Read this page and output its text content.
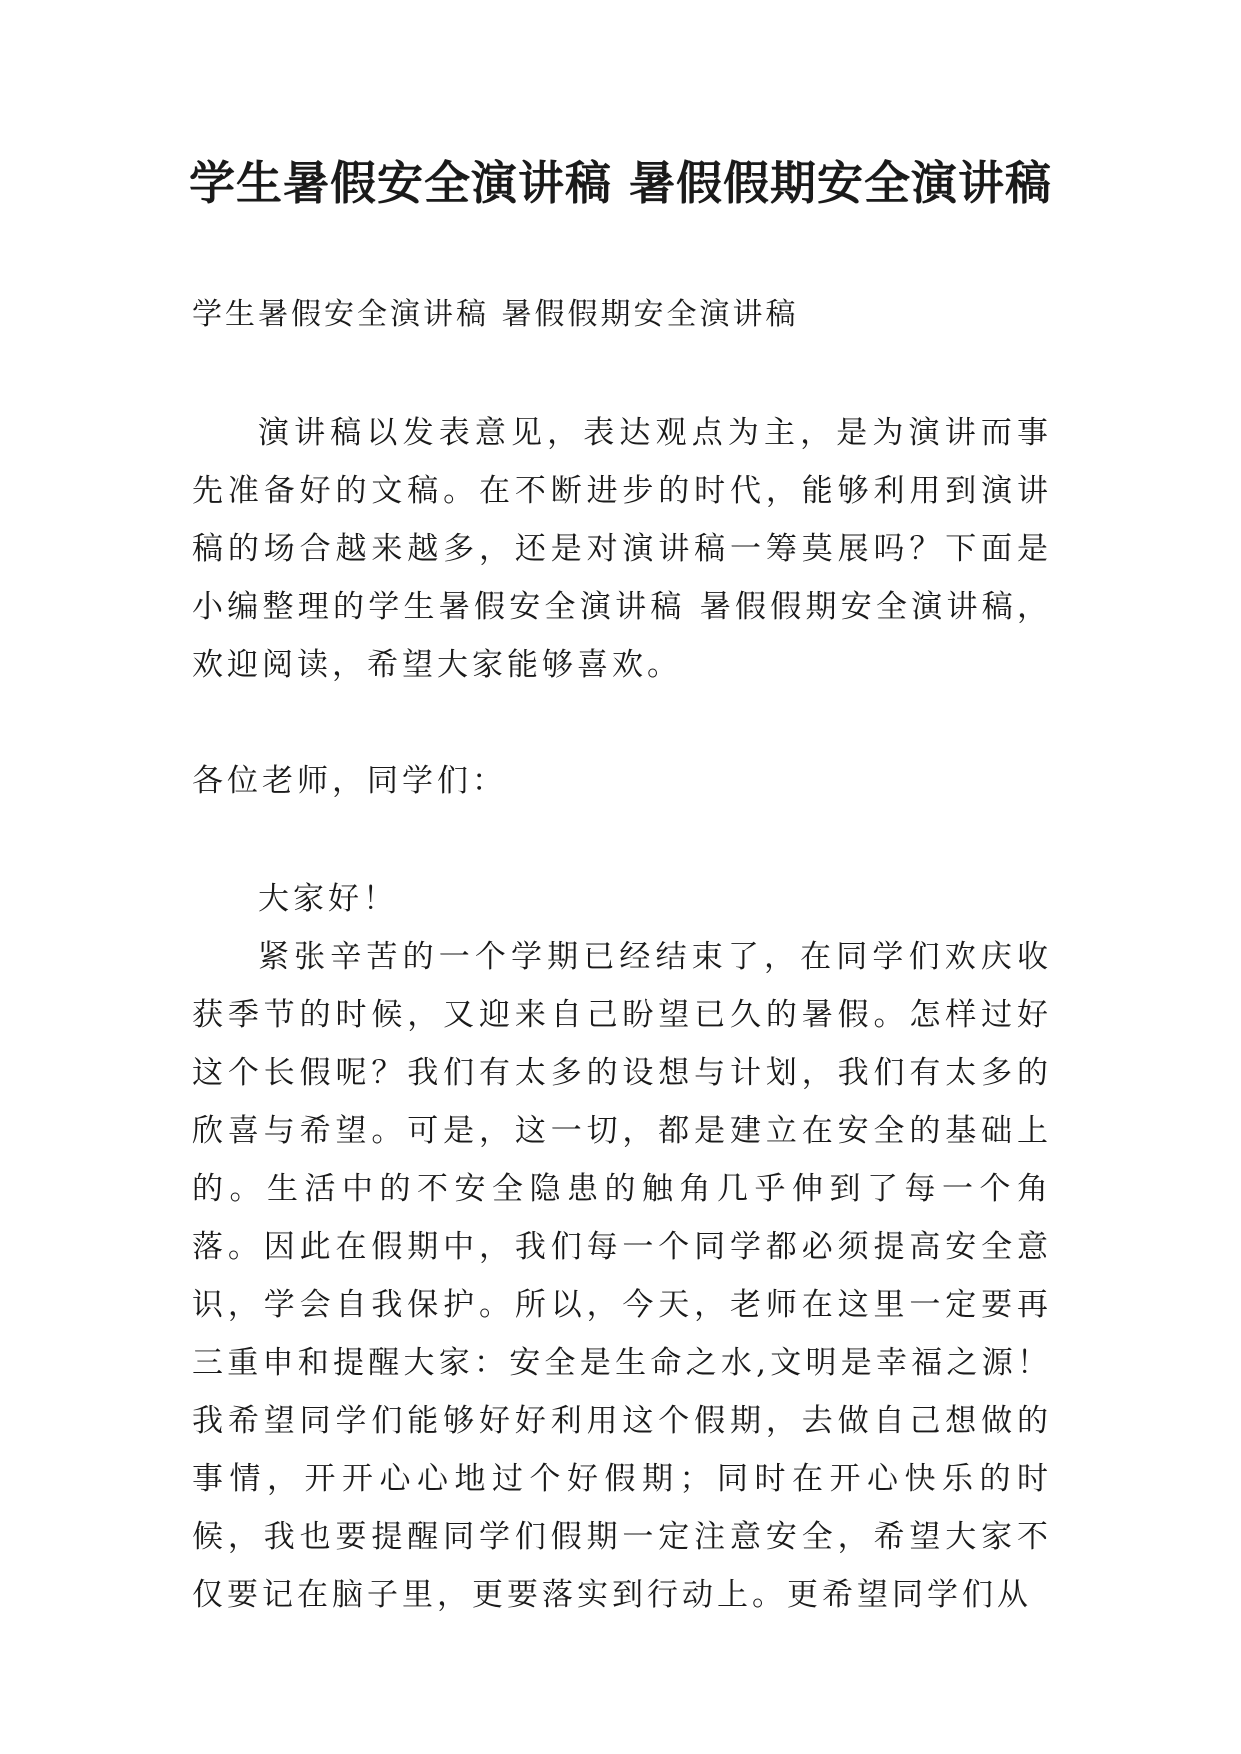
学生暑假安全演讲稿 暑假假期安全演讲稿
学生暑假安全演讲稿 暑假假期安全演讲稿

演讲稿以发表意见，表达观点为主，是为演讲而事先准备好的文稿。在不断进步的时代，能够利用到演讲稿的场合越来越多，还是对演讲稿一筹莫展吗？下面是小编整理的学生暑假安全演讲稿 暑假假期安全演讲稿，欢迎阅读，希望大家能够喜欢。

各位老师，同学们：

大家好！

紧张辛苦的一个学期已经结束了，在同学们欢庆收获季节的时候，又迎来自己盼望已久的暑假。怎样过好这个长假呢？我们有太多的设想与计划，我们有太多的欣喜与希望。可是，这一切，都是建立在安全的基础上的。生活中的不安全隐患的触角几乎伸到了每一个角落。因此在假期中，我们每一个同学都必须提高安全意识，学会自我保护。所以，今天，老师在这里一定要再三重申和提醒大家：安全是生命之水,文明是幸福之源！我希望同学们能够好好利用这个假期，去做自己想做的事情，开开心心地过个好假期；同时在开心快乐的时候，我也要提醒同学们假期一定注意安全，希望大家不仅要记在脑子里，更要落实到行动上。更希望同学们从
